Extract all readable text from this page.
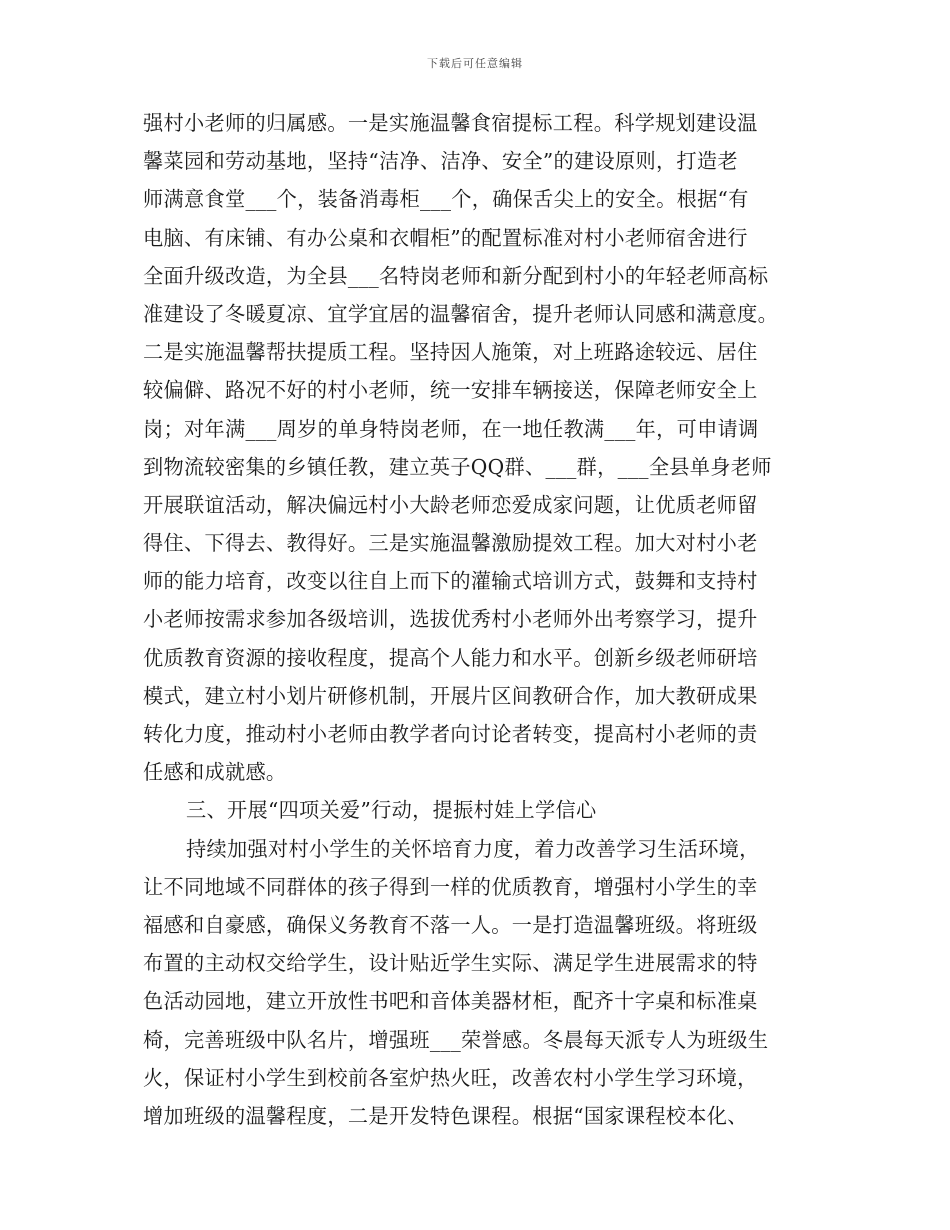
下载后可任意编辑
强村小老师的归属感。一是实施温馨食宿提标工程。科学规划建设温
馨菜园和劳动基地，坚持“洁净、洁净、安全”的建设原则，打造老
师满意食堂___个，装备消毒柜___个，确保舌尖上的安全。根据“有
电脑、有床铺、有办公桌和衣帽柜”的配置标准对村小老师宿舍进行
全面升级改造，为全县___名特岗老师和新分配到村小的年轻老师高标
准建设了冬暖夏凉、宜学宜居的温馨宿舍，提升老师认同感和满意度。
二是实施温馨帮扶提质工程。坚持因人施策，对上班路途较远、居住
较偏僻、路况不好的村小老师，统一安排车辆接送，保障老师安全上
岗；对年满___周岁的单身特岗老师，在一地任教满___年，可申请调
到物流较密集的乡镇任教，建立英子QQ群、___群，___全县单身老师
开展联谊活动，解决偏远村小大龄老师恋爱成家问题，让优质老师留
得住、下得去、教得好。三是实施温馨激励提效工程。加大对村小老
师的能力培育，改变以往自上而下的灌输式培训方式，鼓舞和支持村
小老师按需求参加各级培训，选拔优秀村小老师外出考察学习，提升
优质教育资源的接收程度，提高个人能力和水平。创新乡级老师研培
模式，建立村小划片研修机制，开展片区间教研合作，加大教研成果
转化力度，推动村小老师由教学者向讨论者转变，提高村小老师的责
任感和成就感。
三、开展“四项关爱”行动，提振村娃上学信心
持续加强对村小学生的关怀培育力度，着力改善学习生活环境，
让不同地域不同群体的孩子得到一样的优质教育，增强村小学生的幸
福感和自豪感，确保义务教育不落一人。一是打造温馨班级。将班级
布置的主动权交给学生，设计贴近学生实际、满足学生进展需求的特
色活动园地，建立开放性书吧和音体美器材柜，配齐十字桌和标准桌
椅，完善班级中队名片，增强班___荣誉感。冬晨每天派专人为班级生
火，保证村小学生到校前各室炉热火旺，改善农村小学生学习环境，
增加班级的温馨程度，二是开发特色课程。根据“国家课程校本化、
